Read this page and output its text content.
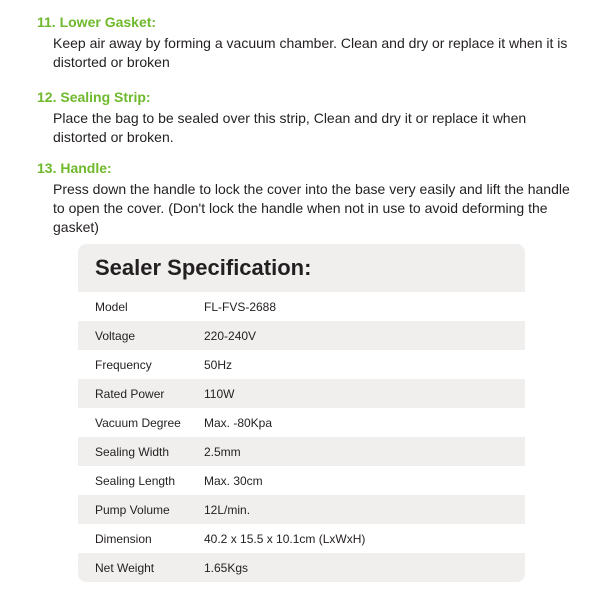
11. Lower Gasket:

Keep air away by forming a vacuum chamber. Clean and dry or replace it when it is distorted or broken

12. Sealing Strip:

Place the bag to be sealed over this strip, Clean and dry it or replace it when distorted or broken.

13. Handle:

Press down the handle to lock the cover into the base very easily and lift the handle to open the cover. (Don't lock the handle when not in use to avoid deforming the gasket)
Sealer Specification:
Model	FL-FVS-2688
Voltage	220-240V
Frequency	50Hz
Rated Power	110W
Vacuum Degree	Max. -80Kpa
Sealing Width	2.5mm
Sealing Length	Max. 30cm
Pump Volume	12L/min.
Dimension	40.2 x 15.5 x 10.1cm (LxWxH)
Net Weight	1.65Kgs
